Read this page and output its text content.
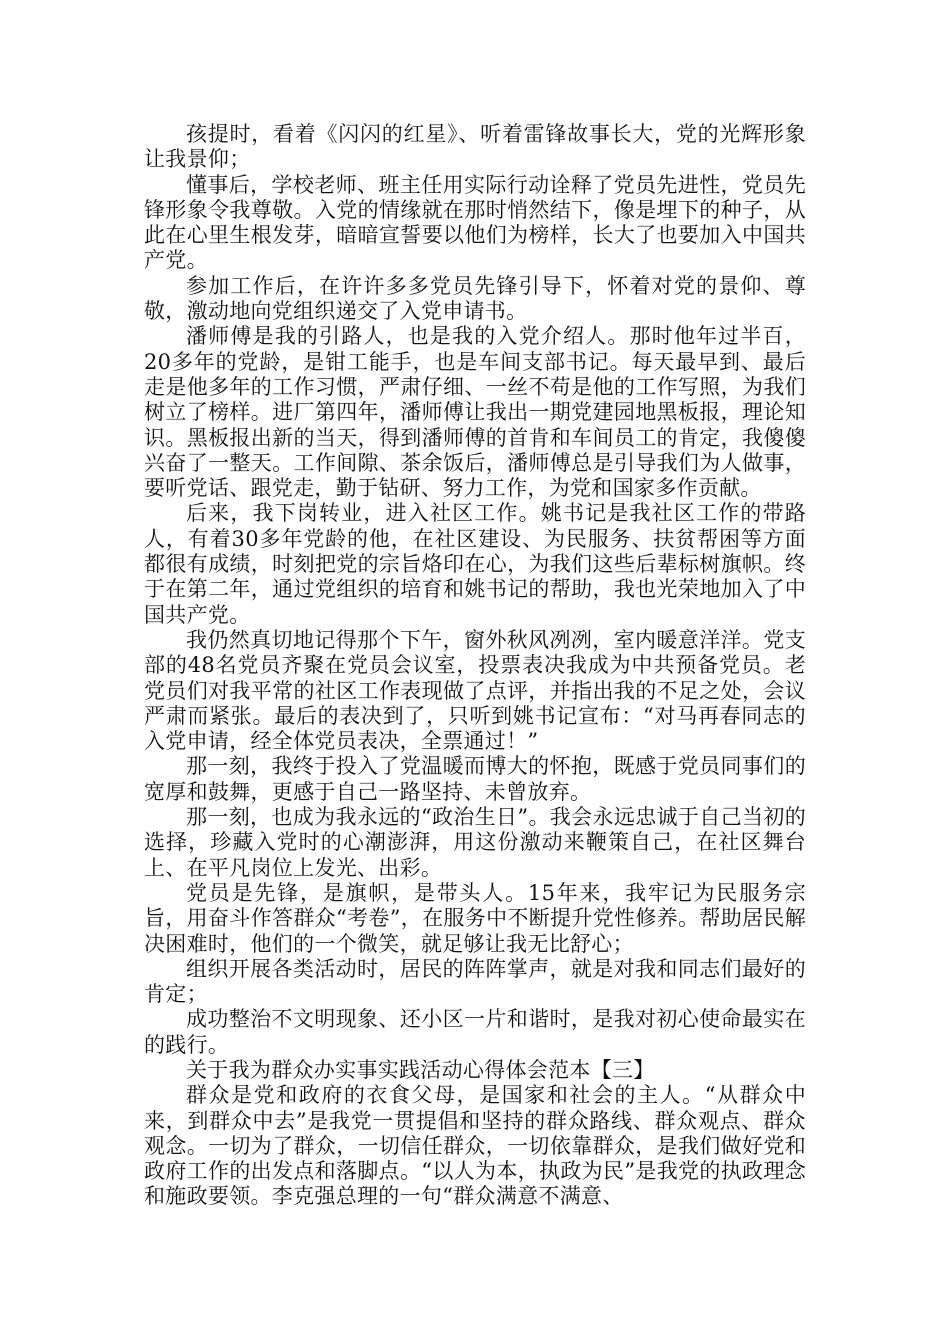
孩提时，看着《闪闪的红星》、听着雷锋故事长大，党的光辉形象让我景仰；

懂事后，学校老师、班主任用实际行动诠释了党员先进性，党员先锋形象令我尊敬。入党的情缘就在那时悄然结下，像是埋下的种子，从此在心里生根发芽，暗暗宣誓要以他们为榜样，长大了也要加入中国共产党。

参加工作后，在许许多多党员先锋引导下，怀着对党的景仰、尊敬，激动地向党组织递交了入党申请书。

潘师傅是我的引路人，也是我的入党介绍人。那时他年过半百，20多年的党龄，是钳工能手，也是车间支部书记。每天最早到、最后走是他多年的工作习惯，严肃仔细、一丝不苟是他的工作写照，为我们树立了榜样。进厂第四年，潘师傅让我出一期党建园地黑板报，理论知识。黑板报出新的当天，得到潘师傅的首肯和车间员工的肯定，我傻傻兴奋了一整天。工作间隙、茶余饭后，潘师傅总是引导我们为人做事，要听党话、跟党走，勤于钻研、努力工作，为党和国家多作贡献。

后来，我下岗转业，进入社区工作。姚书记是我社区工作的带路人，有着30多年党龄的他，在社区建设、为民服务、扶贫帮困等方面都很有成绩，时刻把党的宗旨烙印在心，为我们这些后辈标树旗帜。终于在第二年，通过党组织的培育和姚书记的帮助，我也光荣地加入了中国共产党。

我仍然真切地记得那个下午，窗外秋风冽冽，室内暖意洋洋。党支部的48名党员齐聚在党员会议室，投票表决我成为中共预备党员。老党员们对我平常的社区工作表现做了点评，并指出我的不足之处，会议严肃而紧张。最后的表决到了，只听到姚书记宣布：“对马再春同志的入党申请，经全体党员表决，全票通过！”

那一刻，我终于投入了党温暖而博大的怀抱，既感于党员同事们的宽厚和鼓舞，更感于自己一路坚持、未曾放弃。

那一刻，也成为我永远的“政治生日”。我会永远忠诚于自己当初的选择，珍藏入党时的心潮澎湃，用这份激动来鞭策自己，在社区舞台上、在平凡岗位上发光、出彩。

党员是先锋，是旗帜，是带头人。15年来，我牢记为民服务宗旨，用奋斗作答群众“考卷”，在服务中不断提升党性修养。帮助居民解决困难时，他们的一个微笑，就足够让我无比舒心；

组织开展各类活动时，居民的阵阵掌声，就是对我和同志们最好的肯定；

成功整治不文明现象、还小区一片和谐时，是我对初心使命最实在的践行。

关于我为群众办实事实践活动心得体会范本【三】

群众是党和政府的衣食父母，是国家和社会的主人。“从群众中来，到群众中去”是我党一贯提倡和坚持的群众路线、群众观点、群众观念。一切为了群众，一切信任群众，一切依靠群众，是我们做好党和政府工作的出发点和落脚点。“以人为本，执政为民”是我党的执政理念和施政要领。李克强总理的一句“群众满意不满意、
